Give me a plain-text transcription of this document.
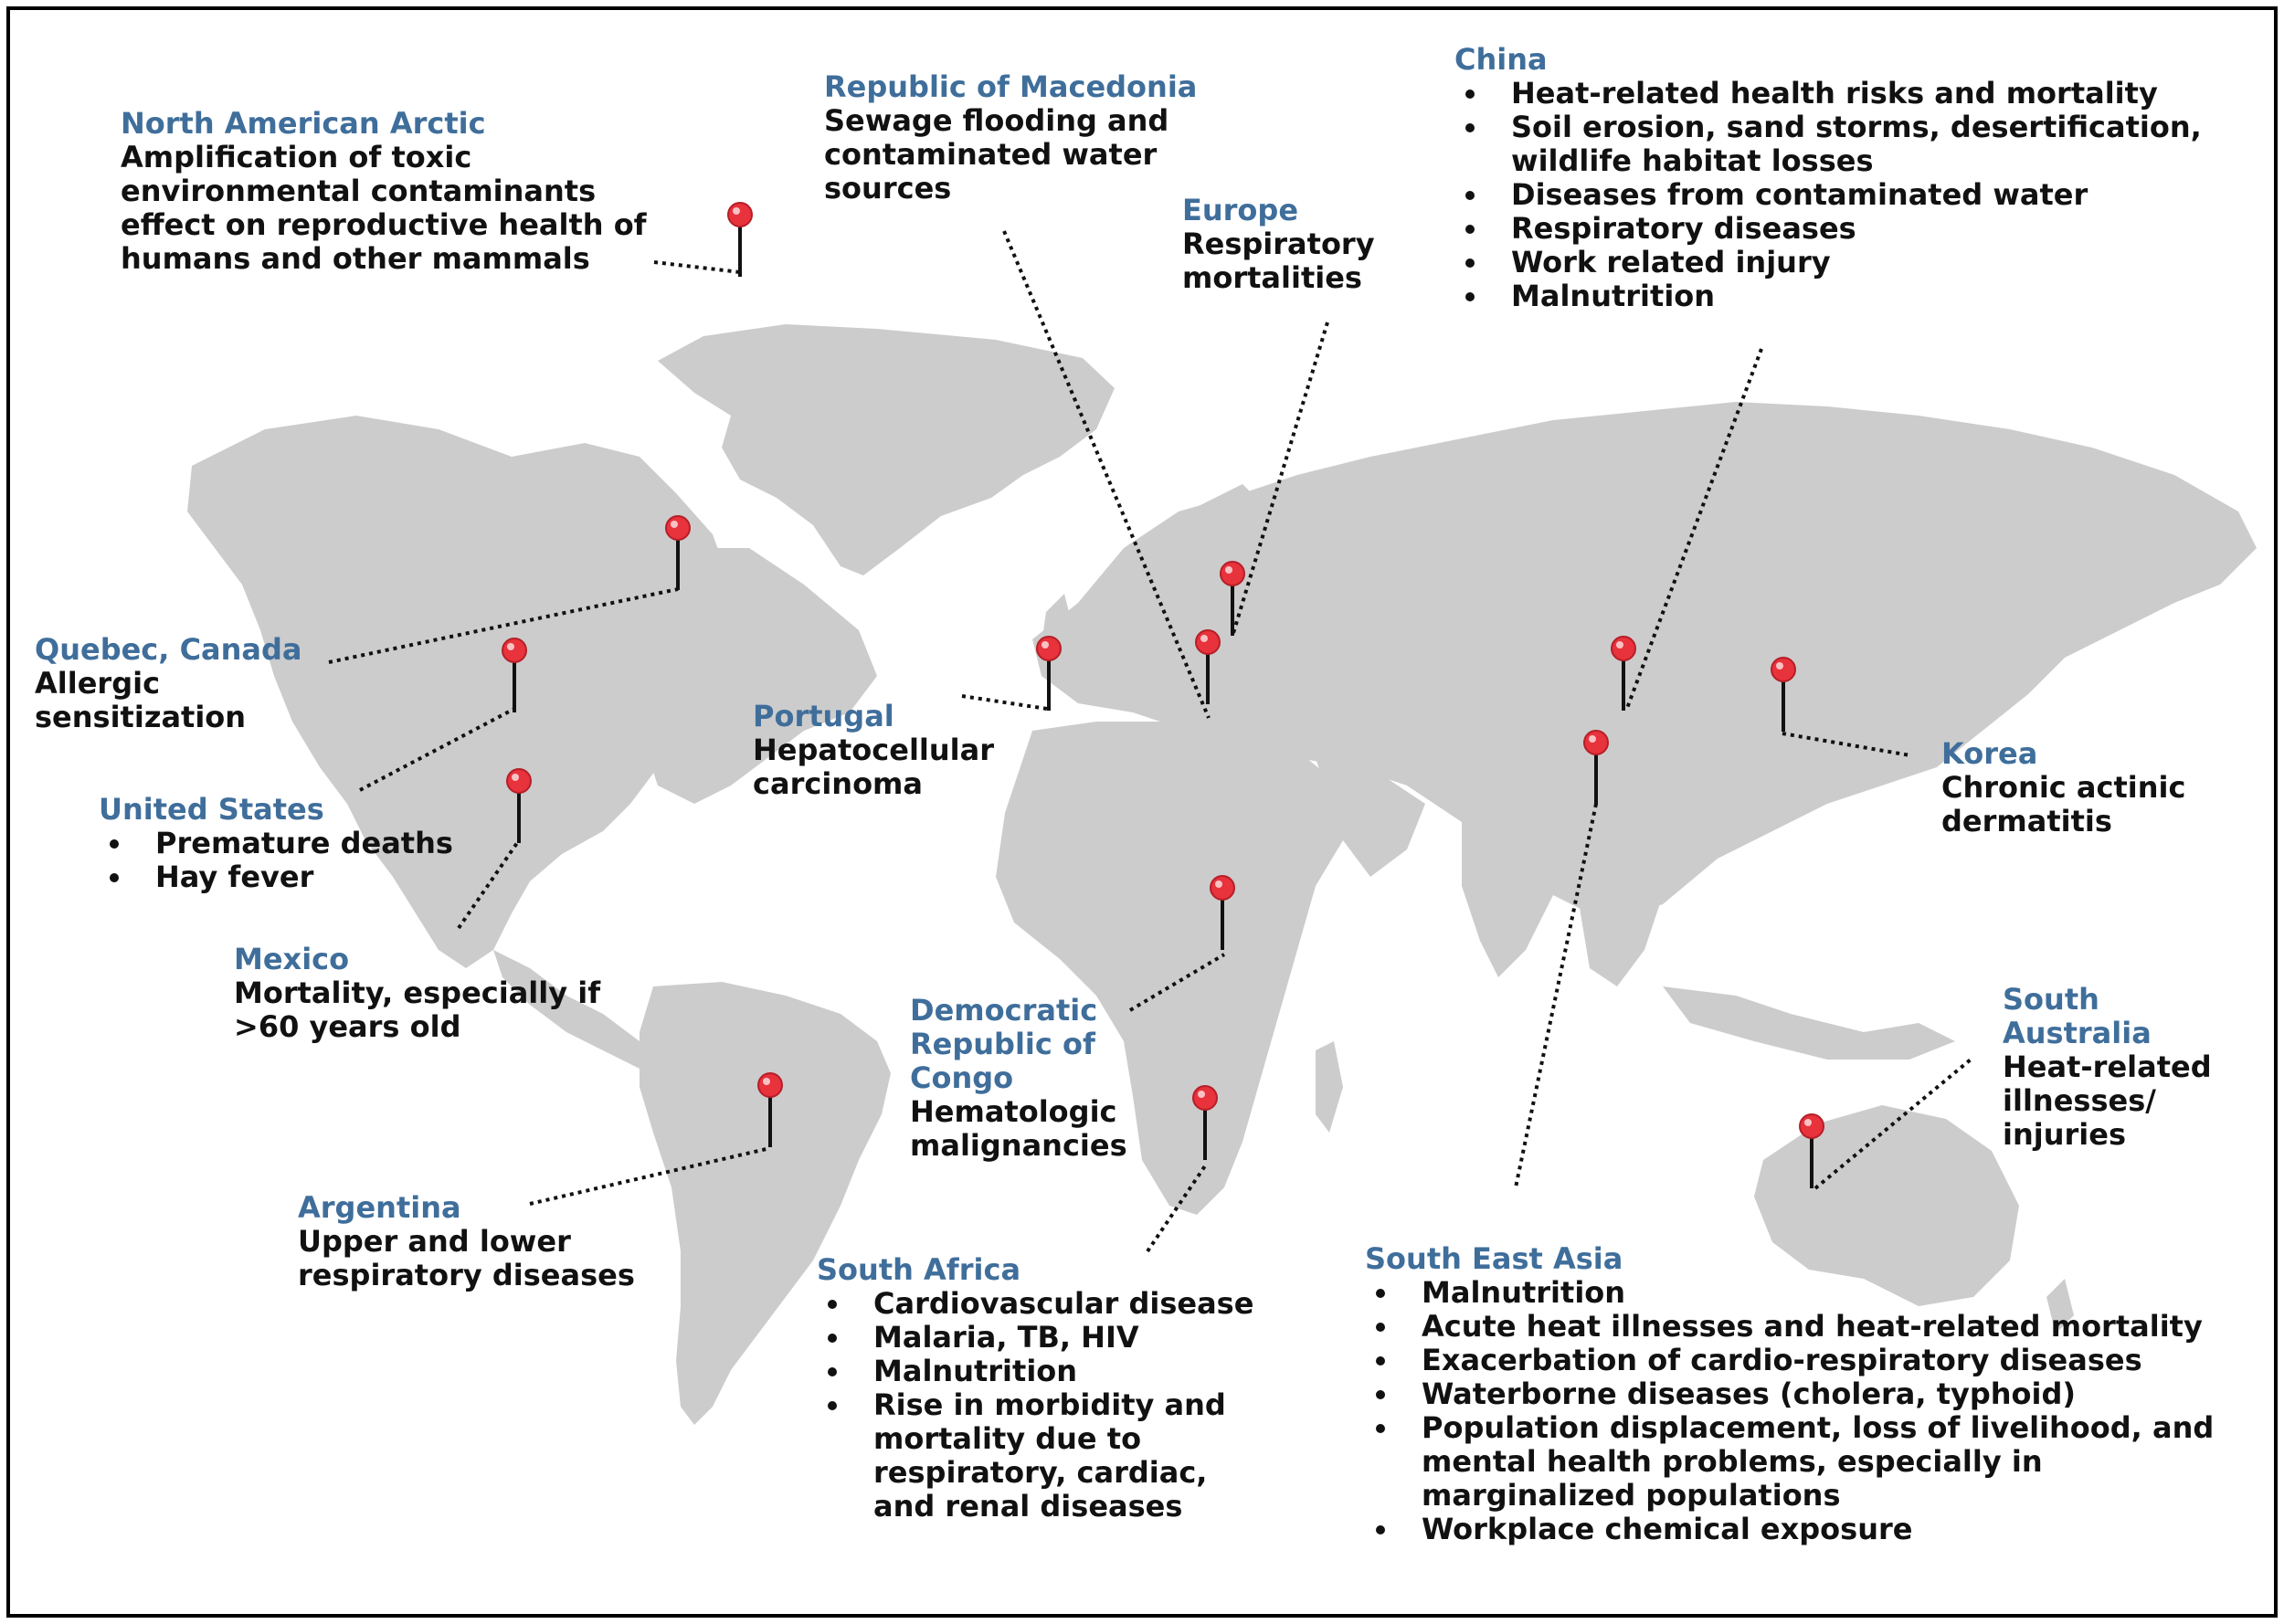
North American Arctic
Amplification of toxic environmental contaminants effect on reproductive health of humans and other mammals
Republic of Macedonia
Sewage flooding and contaminated water sources
Europe
Respiratory mortalities
China
Heat-related health risks and mortality
Soil erosion, sand storms, desertification, wildlife habitat losses
Diseases from contaminated water
Respiratory diseases
Work related injury
Malnutrition
Quebec, Canada
Allergic sensitization
United States
Premature deaths
Hay fever
Portugal
Hepatocellular carcinoma
Korea
Chronic actinic dermatitis
Mexico
Mortality, especially if >60 years old	Democratic Republic of Congo
Hematologic malignancies
South Australia
Heat-related illnesses/ injuries
Argentina
Upper and lower respiratory diseases	South Africa
Cardiovascular disease
Malaria, TB, HIV
Malnutrition
Rise in morbidity and mortality due to respiratory, cardiac, and renal diseases
South East Asia
Malnutrition
Acute heat illnesses and heat-related mortality
Exacerbation of cardio-respiratory diseases
Waterborne diseases (cholera, typhoid)
Population displacement, loss of livelihood, and mental health problems, especially in marginalized populations
Workplace chemical exposure
